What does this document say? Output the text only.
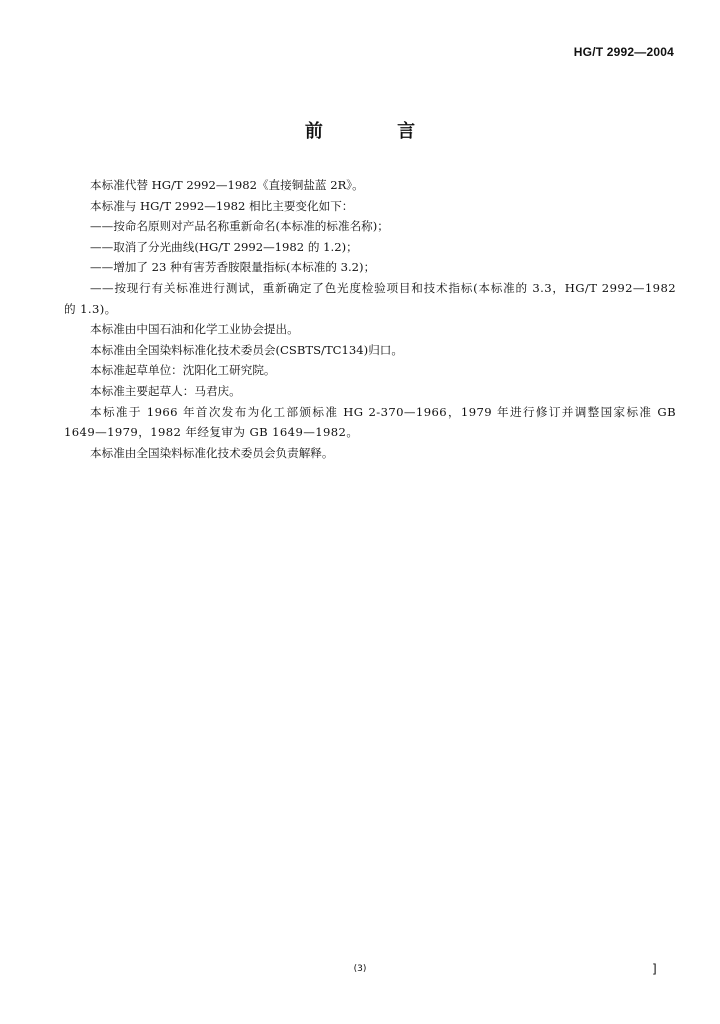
HG/T 2992—2004
前 言

本标准代替 HG/T 2992—1982《直接铜盐蓝 2R》。

本标准与 HG/T 2992—1982 相比主要变化如下：

——按命名原则对产品名称重新命名(本标准的标准名称)；

——取消了分光曲线(HG/T 2992—1982 的 1.2)；

——增加了 23 种有害芳香胺限量指标(本标准的 3.2)；

——按现行有关标准进行测试，重新确定了色光度检验项目和技术指标(本标准的 3.3，HG/T 2992—1982 的 1.3)。

本标准由中国石油和化学工业协会提出。

本标准由全国染料标准化技术委员会(CSBTS/TC134)归口。

本标准起草单位：沈阳化工研究院。

本标准主要起草人：马君庆。

本标准于 1966 年首次发布为化工部颁标准 HG 2-370—1966，1979 年进行修订并调整国家标准 GB 1649—1979，1982 年经复审为 GB 1649—1982。

本标准由全国染料标准化技术委员会负责解释。

(3)	]
